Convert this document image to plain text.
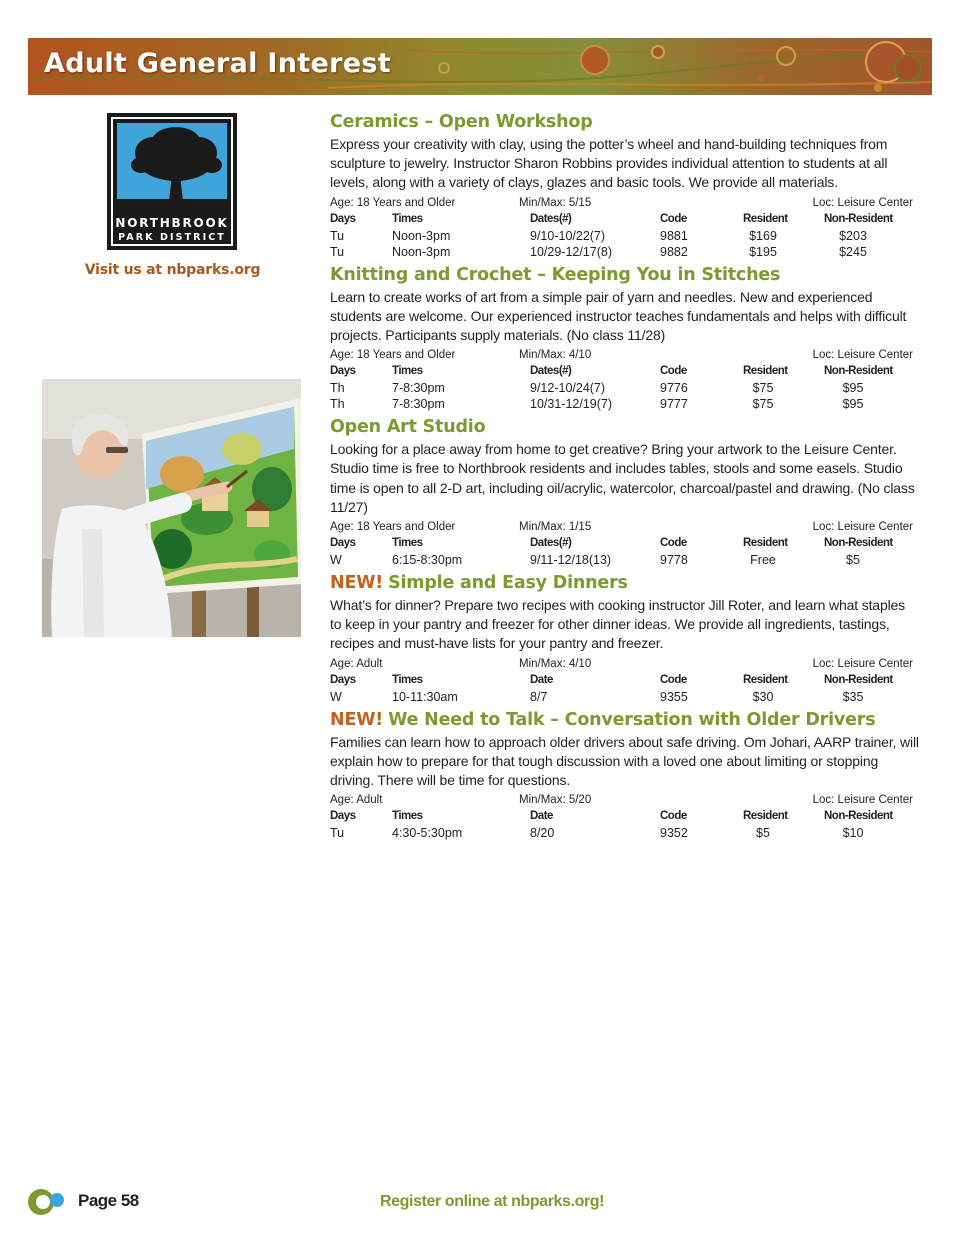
Adult General Interest
NORTHBROOK
PARK DISTRICT
Visit us at nbparks.org
Ceramics – Open Workshop
Express your creativity with clay, using the potter’s wheel and hand-building techniques from sculpture to jewelry. Instructor Sharon Robbins provides individual attention to students at all levels, along with a variety of clays, glazes and basic tools. We provide all materials.
Age: 18 Years and Older	Min/Max: 5/15	Loc: Leisure Center
Days	Times	Dates(#)	Code	Resident	Non-Resident
Tu	Noon-3pm	9/10-10/22(7)	9881	$169	$203
Tu	Noon-3pm	10/29-12/17(8)	9882	$195	$245
Knitting and Crochet – Keeping You in Stitches
Learn to create works of art from a simple pair of yarn and needles. New and experienced students are welcome. Our experienced instructor teaches fundamentals and helps with difficult projects. Participants supply materials. (No class 11/28)
Age: 18 Years and Older	Min/Max: 4/10	Loc: Leisure Center
Days	Times	Dates(#)	Code	Resident	Non-Resident
Th	7-8:30pm	9/12-10/24(7)	9776	$75	$95
Th	7-8:30pm	10/31-12/19(7)	9777	$75	$95
Open Art Studio
Looking for a place away from home to get creative? Bring your artwork to the Leisure Center. Studio time is free to Northbrook residents and includes tables, stools and some easels. Studio time is open to all 2-D art, including oil/acrylic, watercolor, charcoal/pastel and drawing. (No class 11/27)
Age: 18 Years and Older	Min/Max: 1/15	Loc: Leisure Center
Days	Times	Dates(#)	Code	Resident	Non-Resident
W	6:15-8:30pm	9/11-12/18(13)	9778	Free	$5
NEW! Simple and Easy Dinners
What’s for dinner? Prepare two recipes with cooking instructor Jill Roter, and learn what staples to keep in your pantry and freezer for other dinner ideas. We provide all ingredients, tastings, recipes and must-have lists for your pantry and freezer.
Age: Adult	Min/Max: 4/10	Loc: Leisure Center
Days	Times	Date	Code	Resident	Non-Resident
W	10-11:30am	8/7	9355	$30	$35
NEW! We Need to Talk – Conversation with Older Drivers
Families can learn how to approach older drivers about safe driving. Om Johari, AARP trainer, will explain how to prepare for that tough discussion with a loved one about limiting or stopping driving. There will be time for questions.
Age: Adult	Min/Max: 5/20	Loc: Leisure Center
Days	Times	Date	Code	Resident	Non-Resident
Tu	4:30-5:30pm	8/20	9352	$5	$10
Page 58	Register online at nbparks.org!
